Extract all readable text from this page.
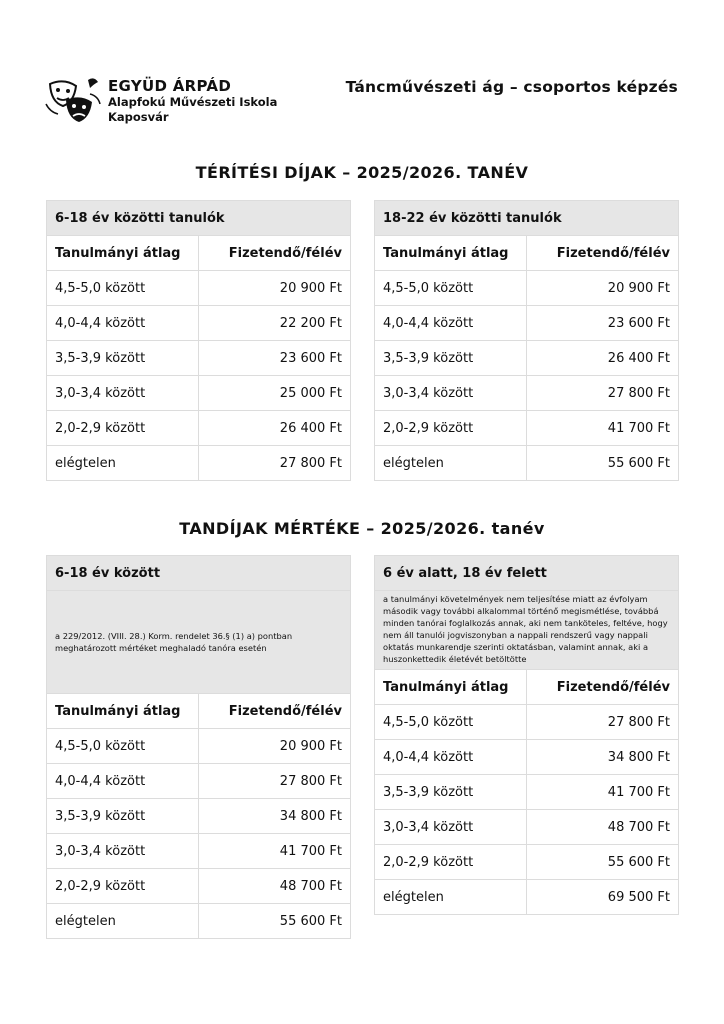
EGYÜD ÁRPÁD
Alapfokú Művészeti Iskola
Kaposvár
Táncművészeti ág – csoportos képzés
TÉRÍTÉSI DÍJAK – 2025/2026. TANÉV
6-18 év közötti tanulók	
Tanulmányi átlag	Fizetendő/félév
4,5-5,0 között	20 900 Ft
4,0-4,4 között	22 200 Ft
3,5-3,9 között	23 600 Ft
3,0-3,4 között	25 000 Ft
2,0-2,9 között	26 400 Ft
elégtelen	27 800 Ft
18-22 év közötti tanulók	
Tanulmányi átlag	Fizetendő/félév
4,5-5,0 között	20 900 Ft
4,0-4,4 között	23 600 Ft
3,5-3,9 között	26 400 Ft
3,0-3,4 között	27 800 Ft
2,0-2,9 között	41 700 Ft
elégtelen	55 600 Ft
TANDÍJAK MÉRTÉKE – 2025/2026. tanév
6-18 év között	
a 229/2012. (VIII. 28.) Korm. rendelet 36.§ (1) a) pontban meghatározott mértéket meghaladó tanóra esetén	
Tanulmányi átlag	Fizetendő/félév
4,5-5,0 között	20 900 Ft
4,0-4,4 között	27 800 Ft
3,5-3,9 között	34 800 Ft
3,0-3,4 között	41 700 Ft
2,0-2,9 között	48 700 Ft
elégtelen	55 600 Ft
6 év alatt, 18 év felett	
a tanulmányi követelmények nem teljesítése miatt az évfolyam második vagy további alkalommal történő megismétlése, továbbá minden tanórai foglalkozás annak, aki nem tanköteles, feltéve, hogy nem áll tanulói jogviszonyban a nappali rendszerű vagy nappali oktatás munkarendje szerinti oktatásban, valamint annak, aki a huszonkettedik életévét betöltötte	
Tanulmányi átlag	Fizetendő/félév
4,5-5,0 között	27 800 Ft
4,0-4,4 között	34 800 Ft
3,5-3,9 között	41 700 Ft
3,0-3,4 között	48 700 Ft
2,0-2,9 között	55 600 Ft
elégtelen	69 500 Ft
